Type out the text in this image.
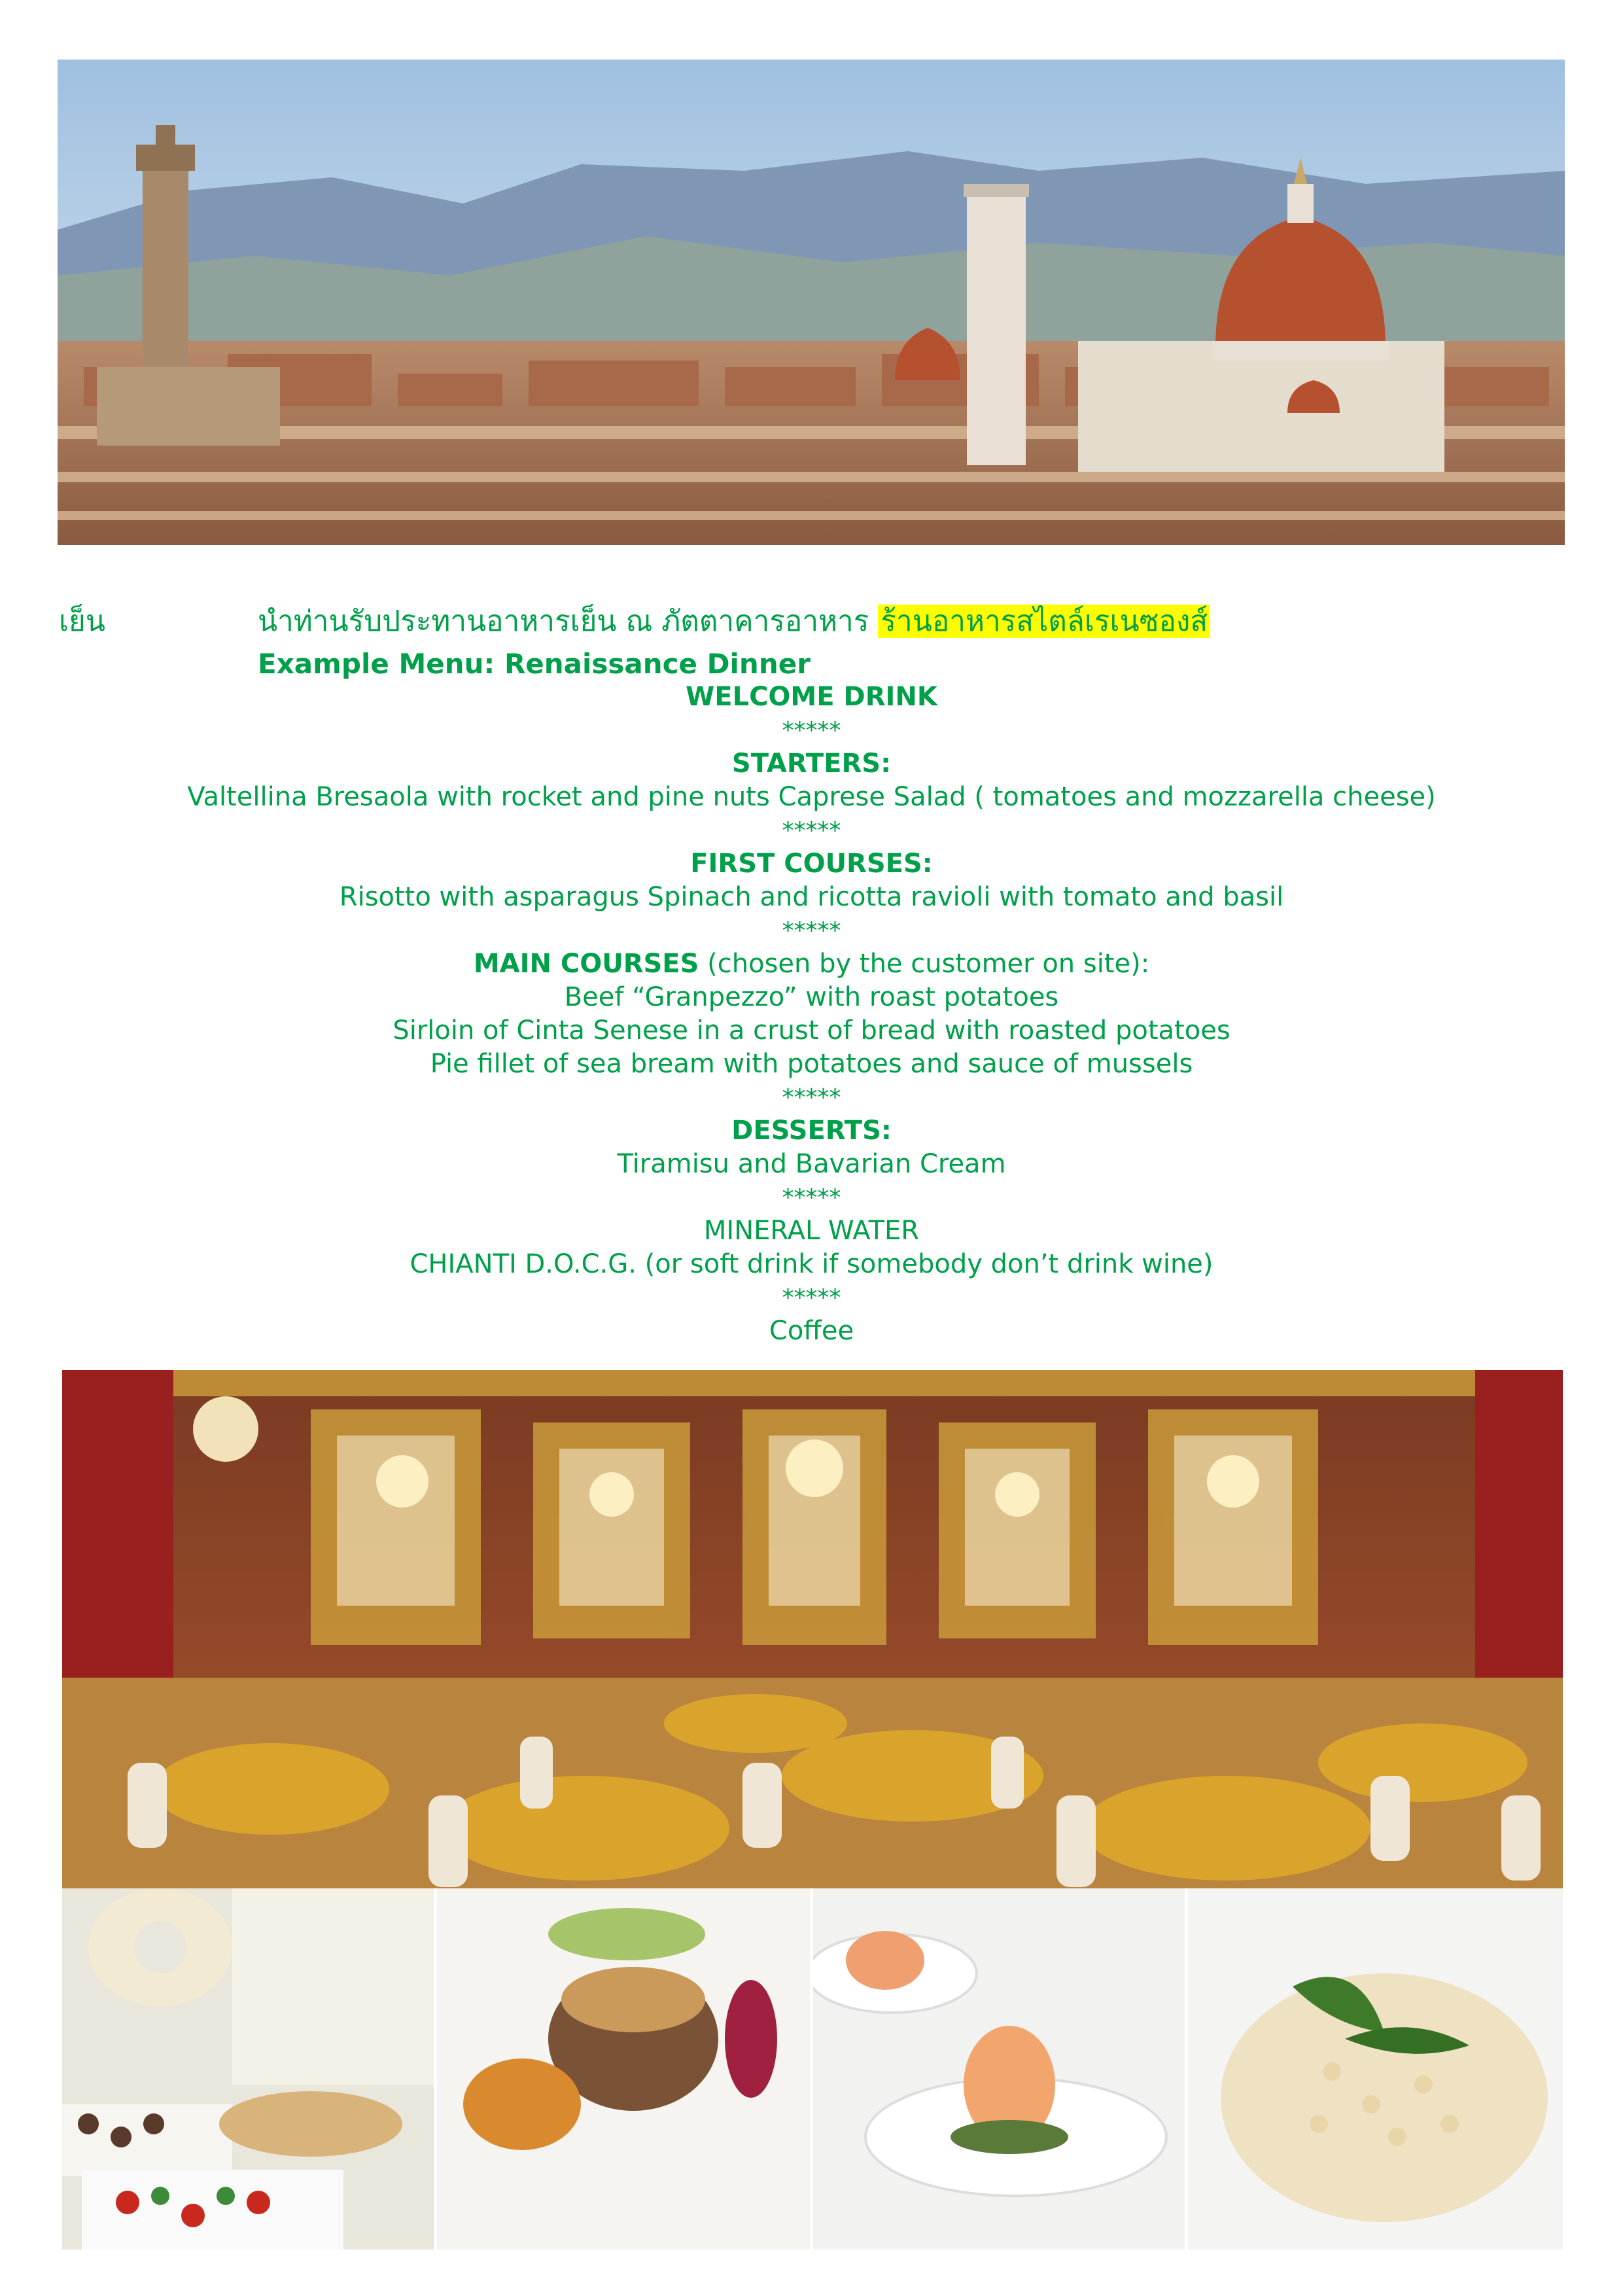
เย็น	นำท่านรับประทานอาหารเย็น ณ ภัตตาคารอาหาร ร้านอาหารสไตล์เรเนซองส์
Example Menu: Renaissance Dinner
WELCOME DRINK
*****
STARTERS:
Valtellina Bresaola with rocket and pine nuts Caprese Salad ( tomatoes and mozzarella cheese)
*****
FIRST COURSES:
Risotto with asparagus Spinach and ricotta ravioli with tomato and basil
*****
MAIN COURSES (chosen by the customer on site):
Beef “Granpezzo” with roast potatoes
Sirloin of Cinta Senese in a crust of bread with roasted potatoes
Pie fillet of sea bream with potatoes and sauce of mussels
*****
DESSERTS:
Tiramisu and Bavarian Cream
*****
MINERAL WATER
CHIANTI D.O.C.G. (or soft drink if somebody don’t drink wine)
*****
Coffee
